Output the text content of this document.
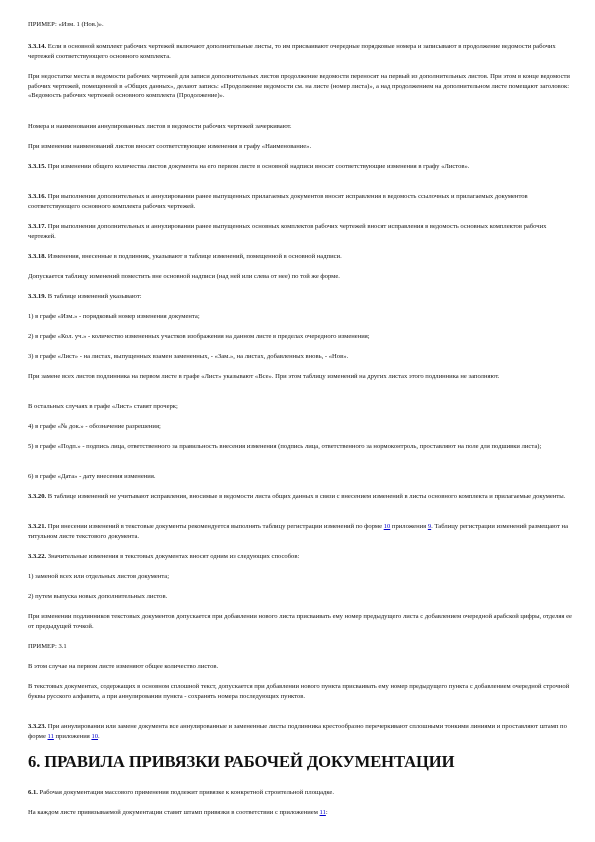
ПРИМЕР: «Изм. 1 (Нов.)».
3.3.14. Если в основной комплект рабочих чертежей включают дополнительные листы, то им присваивают очередные порядковые номера и записывают в продолжение ведомости рабочих чертежей соответствующего основного комплекта.
При недостатке места в ведомости рабочих чертежей для записи дополнительных листов продолжение ведомости переносят на первый из дополнительных листов. При этом в конце ведомости рабочих чертежей, помещенной в «Общих данных», делают запись: «Продолжение ведомости см. на листе (номер листа)», а над продолжением на дополнительном листе помещают заголовок: «Ведомость рабочих чертежей основного комплекта (Продолжение)».
Номера и наименования аннулированных листов в ведомости рабочих чертежей зачеркивают.
При изменении наименований листов вносят соответствующие изменения в графу «Наименование».
3.3.15. При изменении общего количества листов документа на его первом листе в основной надписи вносят соответствующие изменения в графу «Листов».
3.3.16. При выполнении дополнительных и аннулировании ранее выпущенных прилагаемых документов вносят исправления в ведомость ссылочных и прилагаемых документов соответствующего основного комплекта рабочих чертежей.
3.3.17. При выполнении дополнительных и аннулировании ранее выпущенных основных комплектов рабочих чертежей вносят исправления в ведомость основных комплектов рабочих чертежей.
3.3.18. Изменения, внесенные в подлинник, указывают в таблице изменений, помещенной в основной надписи.
Допускается таблицу изменений поместить вне основной надписи (над ней или слева от нее) по той же форме.
3.3.19. В таблице изменений указывают:
1) в графе «Изм.» - порядковый номер изменения документа;
2) в графе «Кол. уч.» - количество измененных участков изображения на данном листе в пределах очередного изменения;
3) в графе «Лист» - на листах, выпущенных взамен замененных, - «Зам.», на листах, добавленных вновь, - «Нов».
При замене всех листов подлинника на первом листе в графе «Лист» указывают «Все». При этом таблицу изменений на других листах этого подлинника не заполняют.
В остальных случаях в графе «Лист» ставят прочерк;
4) в графе «№ док.» - обозначение разрешения;
5) в графе «Подп.» - подпись лица, ответственного за правильность внесения изменения (подпись лица, ответственного за нормоконтроль, проставляют на поле для подшивки листа);
6) в графе «Дата» - дату внесения изменения.
3.3.20. В таблице изменений не учитывают исправления, вносимые в ведомости листа общих данных в связи с внесением изменений в листы основного комплекта и прилагаемые документы.
3.3.21. При внесении изменений в текстовые документы рекомендуется выполнять таблицу регистрации изменений по форме 10 приложения 9. Таблицу регистрации изменений размещают на титульном листе текстового документа.
3.3.22. Значительные изменения в текстовых документах вносят одним из следующих способов:
1) заменой всех или отдельных листов документа;
2) путем выпуска новых дополнительных листов.
При изменении подлинников текстовых документов допускается при добавлении нового листа присваивать ему номер предыдущего листа с добавлением очередной арабской цифры, отделяя ее от предыдущей точкой.
ПРИМЕР: 3.1
В этом случае на первом листе изменяют общее количество листов.
В текстовых документах, содержащих в основном сплошной текст, допускается при добавлении нового пункта присваивать ему номер предыдущего пункта с добавлением очередной строчной буквы русского алфавита, а при аннулировании пункта - сохранять номера последующих пунктов.
3.3.23. При аннулировании или замене документа все аннулированные и замененные листы подлинника крестообразно перечеркивают сплошными тонкими линиями и проставляют штамп по форме 11 приложения 10.
6.1. Рабочая документация массового применения подлежит привязке к конкретной строительной площадке.
На каждом листе привязываемой документации ставят штамп привязки в соответствии с приложением 11:
6. ПРАВИЛА ПРИВЯЗКИ РАБОЧЕЙ ДОКУМЕНТАЦИИ
